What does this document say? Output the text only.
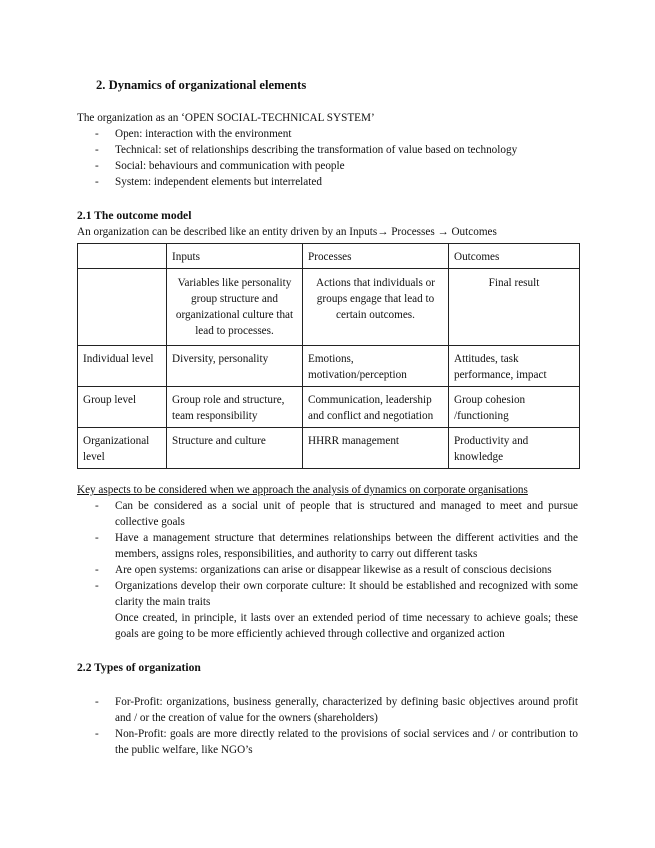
2. Dynamics of organizational elements
The organization as an ‘OPEN SOCIAL-TECHNICAL SYSTEM’
- Open: interaction with the environment
- Technical: set of relationships describing the transformation of value based on technology
- Social: behaviours and communication with people
- System: independent elements but interrelated
2.1 The outcome model
An organization can be described like an entity driven by an Inputs→ Processes → Outcomes
	Inputs	Processes	Outcomes
	Variables like personality group structure and organizational culture that lead to processes.	Actions that individuals or groups engage that lead to certain outcomes.	Final result
Individual level	Diversity, personality	Emotions, motivation/perception	Attitudes, task performance, impact
Group level	Group role and structure, team responsibility	Communication, leadership and conflict and negotiation	Group cohesion /functioning
Organizational level	Structure and culture	HHRR management	Productivity and knowledge
Key aspects to be considered when we approach the analysis of dynamics on corporate organisations
- Can be considered as a social unit of people that is structured and managed to meet and pursue collective goals
- Have a management structure that determines relationships between the different activities and the members, assigns roles, responsibilities, and authority to carry out different tasks
- Are open systems: organizations can arise or disappear likewise as a result of conscious decisions
- Organizations develop their own corporate culture: It should be established and recognized with some clarity the main traits
Once created, in principle, it lasts over an extended period of time necessary to achieve goals; these goals are going to be more efficiently achieved through collective and organized action
2.2 Types of organization
- For-Profit: organizations, business generally, characterized by defining basic objectives around profit and / or the creation of value for the owners (shareholders)
- Non-Profit: goals are more directly related to the provisions of social services and / or contribution to the public welfare, like NGO’s
